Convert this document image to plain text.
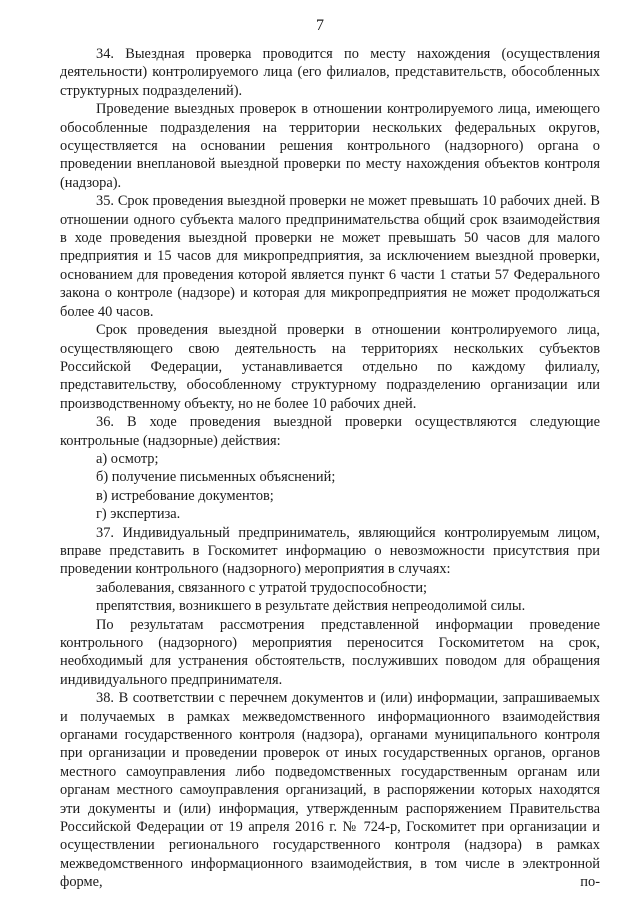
7

34. Выездная проверка проводится по месту нахождения (осуществления деятельности) контролируемого лица (его филиалов, представительств, обособленных структурных подразделений).

Проведение выездных проверок в отношении контролируемого лица, имеющего обособленные подразделения на территории нескольких федеральных округов, осуществляется на основании решения контрольного (надзорного) органа о проведении внеплановой выездной проверки по месту нахождения объектов контроля (надзора).

35. Срок проведения выездной проверки не может превышать 10 рабочих дней. В отношении одного субъекта малого предпринимательства общий срок взаимодействия в ходе проведения выездной проверки не может превышать 50 часов для малого предприятия и 15 часов для микропредприятия, за исключением выездной проверки, основанием для проведения которой является пункт 6 части 1 статьи 57 Федерального закона о контроле (надзоре) и которая для микропредприятия не может продолжаться более 40 часов.

Срок проведения выездной проверки в отношении контролируемого лица, осуществляющего свою деятельность на территориях нескольких субъектов Российской Федерации, устанавливается отдельно по каждому филиалу, представительству, обособленному структурному подразделению организации или производственному объекту, но не более 10 рабочих дней.

36. В ходе проведения выездной проверки осуществляются следующие контрольные (надзорные) действия:

а) осмотр;

б) получение письменных объяснений;

в) истребование документов;

г) экспертиза.

37. Индивидуальный предприниматель, являющийся контролируемым лицом, вправе представить в Госкомитет информацию о невозможности присутствия при проведении контрольного (надзорного) мероприятия в случаях:

заболевания, связанного с утратой трудоспособности;

препятствия, возникшего в результате действия непреодолимой силы.

По результатам рассмотрения представленной информации проведение контрольного (надзорного) мероприятия переносится Госкомитетом на срок, необходимый для устранения обстоятельств, послуживших поводом для обращения индивидуального предпринимателя.

38. В соответствии с перечнем документов и (или) информации, запрашиваемых и получаемых в рамках межведомственного информационного взаимодействия органами государственного контроля (надзора), органами муниципального контроля при организации и проведении проверок от иных государственных органов, органов местного самоуправления либо подведомственных государственным органам или органам местного самоуправления организаций, в распоряжении которых находятся эти документы и (или) информация, утвержденным распоряжением Правительства Российской Федерации от 19 апреля 2016 г. № 724-р, Госкомитет при организации и осуществлении регионального государственного контроля (надзора) в рамках межведомственного информационного взаимодействия, в том числе в электронной форме, по-
